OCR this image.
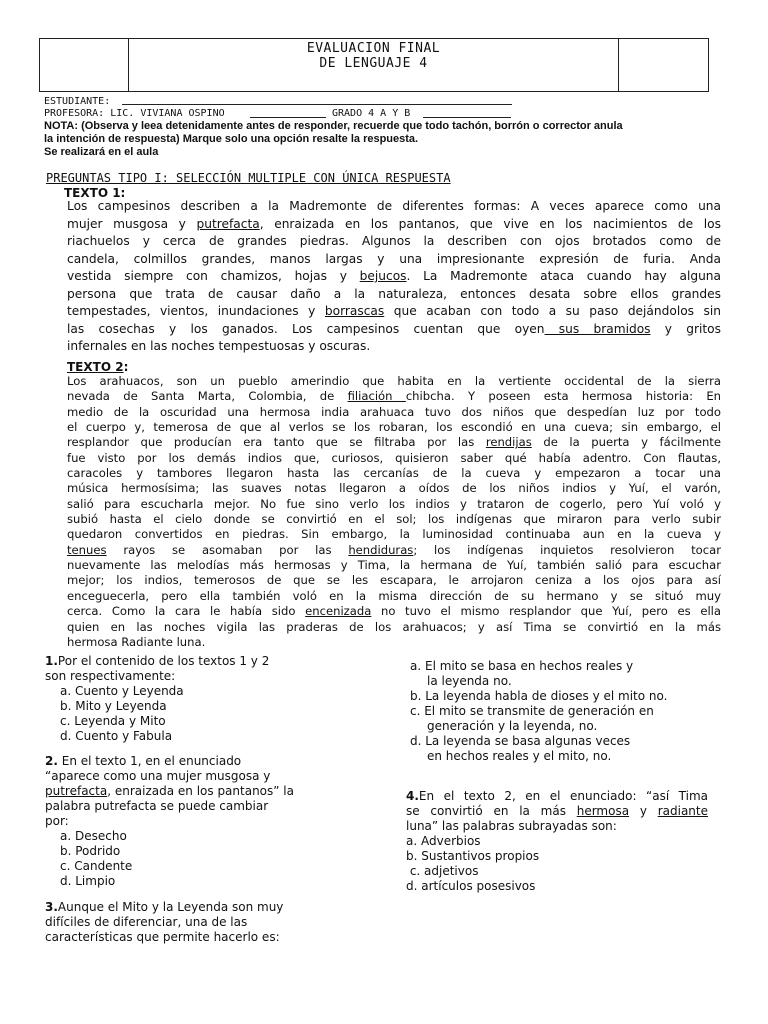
EVALUACION FINAL
DE LENGUAJE 4
ESTUDIANTE:
PROFESORA: LIC. VIVIANA OSPINO	GRADO 4 A Y B
NOTA: (Observa y leea detenidamente antes de responder, recuerde que todo tachón, borrón o corrector anula
la intención de respuesta) Marque solo una opción resalte la respuesta.
Se realizará en el aula
PREGUNTAS TIPO I: SELECCIÓN MULTIPLE CON ÚNICA RESPUESTA
TEXTO 1:
Los campesinos describen a la Madremonte de diferentes formas: A veces aparece como una
mujer musgosa y putrefacta, enraizada en los pantanos, que vive en los nacimientos de los
riachuelos y cerca de grandes piedras. Algunos la describen con ojos brotados como de
candela, colmillos grandes, manos largas y una impresionante expresión de furia. Anda
vestida siempre con chamizos, hojas y bejucos. La Madremonte ataca cuando hay alguna
persona que trata de causar daño a la naturaleza, entonces desata sobre ellos grandes
tempestades, vientos, inundaciones y borrascas que acaban con todo a su paso dejándolos sin
las cosechas y los ganados. Los campesinos cuentan que oyen sus bramidos y gritos
infernales en las noches tempestuosas y oscuras.
TEXTO 2:
Los arahuacos, son un pueblo amerindio que habita en la vertiente occidental de la sierra
nevada de Santa Marta, Colombia, de filiación chibcha. Y poseen esta hermosa historia: En
medio de la oscuridad una hermosa india arahuaca tuvo dos niños que despedían luz por todo
el cuerpo y, temerosa de que al verlos se los robaran, los escondió en una cueva; sin embargo, el
resplandor que producían era tanto que se filtraba por las rendijas de la puerta y fácilmente
fue visto por los demás indios que, curiosos, quisieron saber qué había adentro. Con flautas,
caracoles y tambores llegaron hasta las cercanías de la cueva y empezaron a tocar una
música hermosísima; las suaves notas llegaron a oídos de los niños indios y Yuí, el varón,
salió para escucharla mejor. No fue sino verlo los indios y trataron de cogerlo, pero Yuí voló y
subió hasta el cielo donde se convirtió en el sol; los indígenas que miraron para verlo subir
quedaron convertidos en piedras. Sin embargo, la luminosidad continuaba aun en la cueva y
tenues rayos se asomaban por las hendiduras; los indígenas inquietos resolvieron tocar
nuevamente las melodías más hermosas y Tima, la hermana de Yuí, también salió para escuchar
mejor; los indios, temerosos de que se les escapara, le arrojaron ceniza a los ojos para así
enceguecerla, pero ella también voló en la misma dirección de su hermano y se situó muy
cerca. Como la cara le había sido encenizada no tuvo el mismo resplandor que Yuí, pero es ella
quien en las noches vigila las praderas de los arahuacos; y así Tima se convirtió en la más
hermosa Radiante luna.
1.Por el contenido de los textos 1 y 2
son respectivamente:
a. Cuento y Leyenda
b. Mito y Leyenda
c. Leyenda y Mito
d. Cuento y Fabula
2. En el texto 1, en el enunciado
“aparece como una mujer musgosa y
putrefacta, enraizada en los pantanos” la
palabra putrefacta se puede cambiar
por:
a. Desecho
b. Podrido
c. Candente
d. Limpio
3.Aunque el Mito y la Leyenda son muy
difíciles de diferenciar, una de las
características que permite hacerlo es:
a. El mito se basa en hechos reales y
la leyenda no.
b. La leyenda habla de dioses y el mito no.
c. El mito se transmite de generación en
generación y la leyenda, no.
d. La leyenda se basa algunas veces
en hechos reales y el mito, no.
4.En el texto 2, en el enunciado: “así Tima
se convirtió en la más hermosa y radiante
luna” las palabras subrayadas son:
a. Adverbios
b. Sustantivos propios
c. adjetivos
d. artículos posesivos
